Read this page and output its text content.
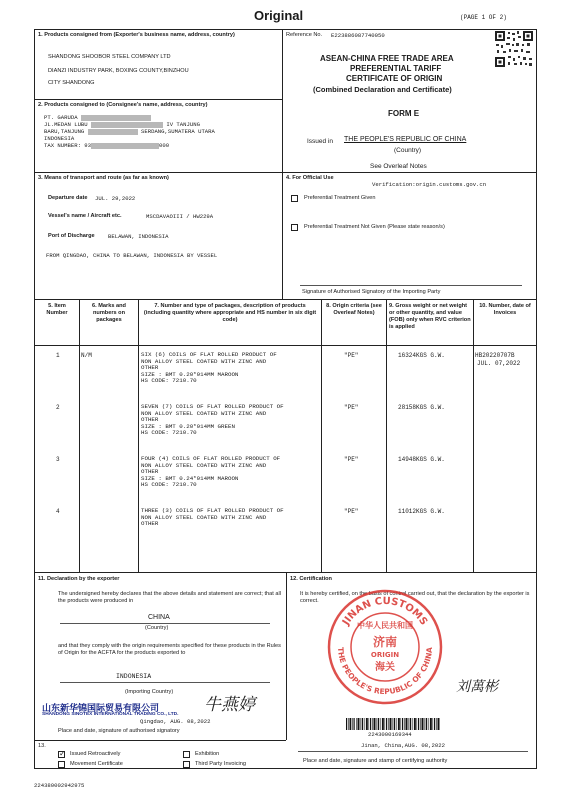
Original	(PAGE 1 OF 2)
1. Products consigned from (Exporter's business name, address, country)
SHANDONG SHOOBOR STEEL COMPANY LTD
DIANZI INDUSTRY PARK, BOXING COUNTY,BINZHOU
CITY SHANDONG
Reference No. E223886087740050
ASEAN-CHINA FREE TRADE AREA
PREFERENTIAL TARIFF
CERTIFICATE OF ORIGIN
(Combined Declaration and Certificate)
FORM E
Issued in THE PEOPLE'S REPUBLIC OF CHINA
(Country)
See Overleaf Notes
2. Products consigned to (Consignee's name, address, country)
PT. GARUDA
JL.MEDAN LUBU	IV TANJUNG
BARU,TANJUNG	SERDANG,SUMATERA UTARA
INDONESIA
TAX NUMBER: 93	000
3. Means of transport and route (as far as known)
Departure date JUL. 29,2022
Vessel's name / Aircraft etc.	MSCDAVAOIII / HW229A
Port of Discharge BELAWAN, INDONESIA
FROM QINGDAO, CHINA TO BELAWAN, INDONESIA BY VESSEL
4. For Official Use
Verification:origin.customs.gov.cn
Preferential Treatment Given
Preferential Treatment Not Given (Please state reason/s)
Signature of Authorised Signatory of the Importing Party
5. Item Number
6. Marks and numbers on packages
7. Number and type of packages, description of products (including quantity where appropriate and HS number in six digit code)
8. Origin criteria (see Overleaf Notes)
9. Gross weight or net weight or other quantity, and value (FOB) only when RVC criterion is applied
10. Number, date of Invoices
1	N/M	SIX (6) COILS OF FLAT ROLLED PRODUCT OF
NON ALLOY STEEL COATED WITH ZINC AND
OTHER
SIZE : BMT 0.20*914MM MAROON
HS CODE: 7210.70
"PE"	16324KGS G.W.	HB20220707B
JUL. 07,2022
2	SEVEN (7) COILS OF FLAT ROLLED PRODUCT OF
NON ALLOY STEEL COATED WITH ZINC AND
OTHER
SIZE : BMT 0.20*914MM GREEN
HS CODE: 7210.70
"PE"	28158KGS G.W.
3	FOUR (4) COILS OF FLAT ROLLED PRODUCT OF
NON ALLOY STEEL COATED WITH ZINC AND
OTHER
SIZE : BMT 0.24*914MM MAROON
HS CODE: 7210.70
"PE"	14948KGS G.W.
4	THREE (3) COILS OF FLAT ROLLED PRODUCT OF
NON ALLOY STEEL COATED WITH ZINC AND
OTHER
"PE"	11012KGS G.W.
11. Declaration by the exporter
The undersigned hereby declares that the above details and statement are correct; that all the products were produced in
CHINA
(Country)
and that they comply with the origin requirements specified for these products in the Rules of Origin for the ACFTA for the products exported to
INDONESIA
(Importing Country)
山东新华锦国际贸易有限公司
SHANDONG SINOTEX INTERNATIONAL TRADING CO., LTD. 牛燕婷
Qingdao, AUG. 08,2022
Place and date, signature of authorised signatory
12. Certification
It is hereby certified, on the basis of control carried out, that the declaration by the exporter is correct.
JINAN CUSTOMS
THE PEOPLE'S REPUBLIC OF CHINA
中华人民共和国
济南
ORIGIN
海关
刘萬彬
2243000169344
Jinan, China,AUG. 08,2022
Place and date, signature and stamp of certifying authority
13.
✓
Issued Retroactively	Exhibition
Movement Certificate	Third Party Invoicing
224380002942975
